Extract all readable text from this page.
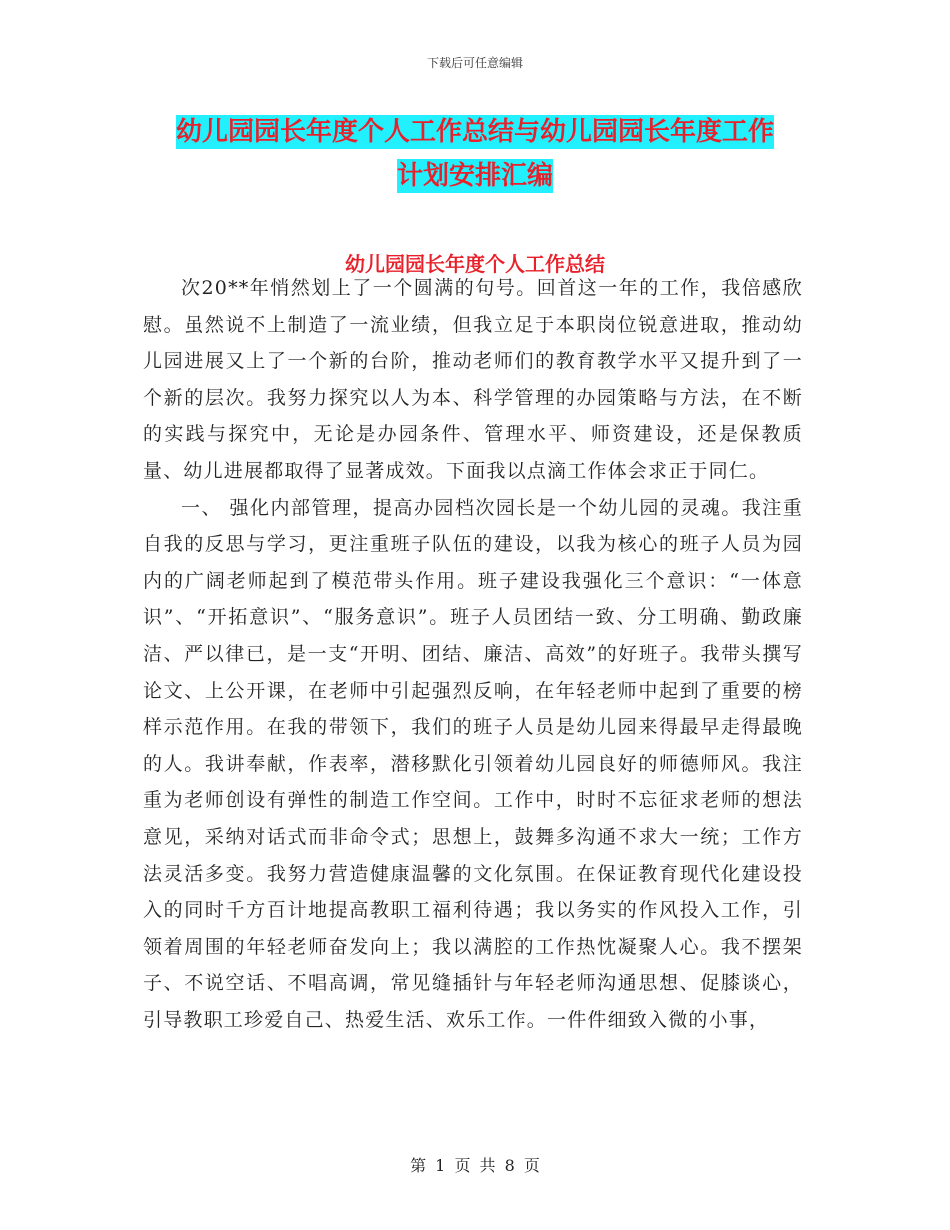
下载后可任意编辑
幼儿园园长年度个人工作总结与幼儿园园长年度工作
计划安排汇编
幼儿园园长年度个人工作总结

次20**年悄然划上了一个圆满的句号。回首这一年的工作，我倍感欣慰。虽然说不上制造了一流业绩，但我立足于本职岗位锐意进取，推动幼儿园进展又上了一个新的台阶，推动老师们的教育教学水平又提升到了一个新的层次。我努力探究以人为本、科学管理的办园策略与方法，在不断的实践与探究中，无论是办园条件、管理水平、师资建设，还是保教质量、幼儿进展都取得了显著成效。下面我以点滴工作体会求正于同仁。

一、 强化内部管理，提高办园档次园长是一个幼儿园的灵魂。我注重自我的反思与学习，更注重班子队伍的建设，以我为核心的班子人员为园内的广阔老师起到了模范带头作用。班子建设我强化三个意识：“一体意识”、“开拓意识”、“服务意识”。班子人员团结一致、分工明确、勤政廉洁、严以律已，是一支“开明、团结、廉洁、高效”的好班子。我带头撰写论文、上公开课，在老师中引起强烈反响，在年轻老师中起到了重要的榜样示范作用。在我的带领下，我们的班子人员是幼儿园来得最早走得最晚的人。我讲奉献，作表率，潜移默化引领着幼儿园良好的师德师风。我注重为老师创设有弹性的制造工作空间。工作中，时时不忘征求老师的想法意见，采纳对话式而非命令式；思想上，鼓舞多沟通不求大一统；工作方法灵活多变。我努力营造健康温馨的文化氛围。在保证教育现代化建设投入的同时千方百计地提高教职工福利待遇；我以务实的作风投入工作，引领着周围的年轻老师奋发向上；我以满腔的工作热忱凝聚人心。我不摆架子、不说空话、不唱高调，常见缝插针与年轻老师沟通思想、促膝谈心，引导教职工珍爱自己、热爱生活、欢乐工作。一件件细致入微的小事，

第 1 页 共 8 页
